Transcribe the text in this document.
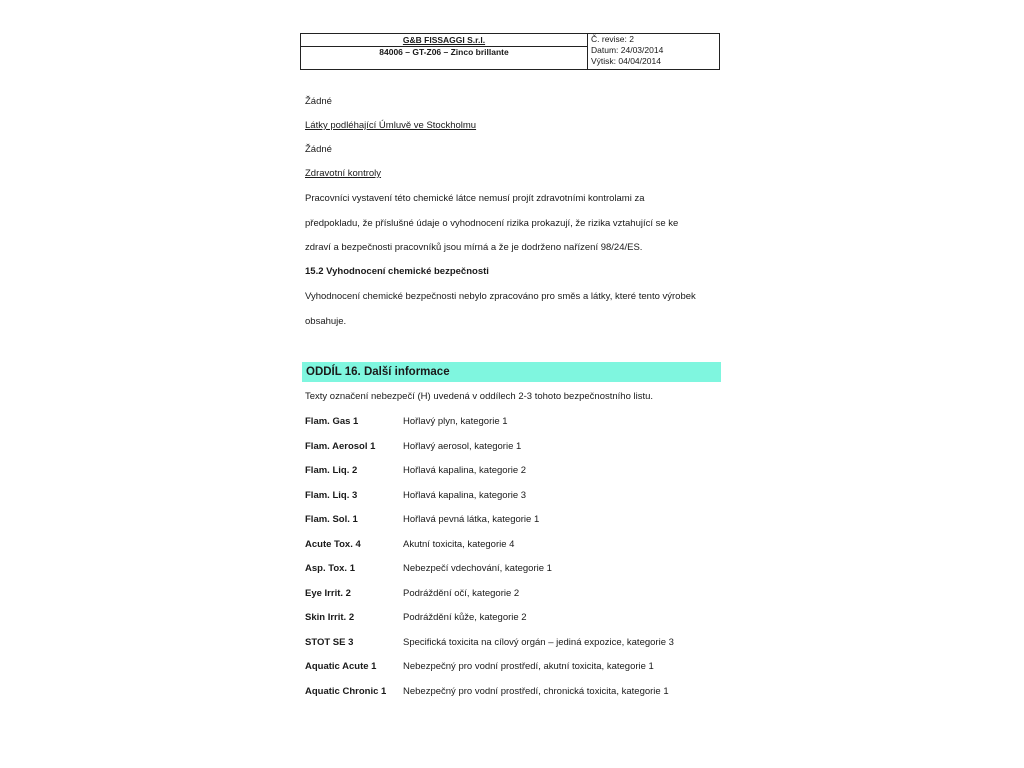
G&B FISSAGGI S.r.l.
84006 – GT-Z06 – Zinco brillante
Č. revise: 2
Datum: 24/03/2014
Výtisk: 04/04/2014
Žádné
Látky podléhající Úmluvě ve Stockholmu
Žádné
Zdravotní kontroly
Pracovníci vystavení této chemické látce nemusí projít zdravotními kontrolami za
předpokladu, že příslušné údaje o vyhodnocení rizika prokazují, že rizika vztahující se ke
zdraví a bezpečnosti pracovníků jsou mírná a že je dodrženo nařízení 98/24/ES.
15.2 Vyhodnocení chemické bezpečnosti
Vyhodnocení chemické bezpečnosti nebylo zpracováno pro směs a látky, které tento výrobek
obsahuje.
ODDÍL 16. Další informace
Texty označení nebezpečí (H) uvedená v oddílech 2-3 tohoto bezpečnostního listu.
Flam. Gas 1	Hořlavý plyn, kategorie 1
Flam. Aerosol 1	Hořlavý aerosol, kategorie 1
Flam. Liq. 2	Hořlavá kapalina, kategorie 2
Flam. Liq. 3	Hořlavá kapalina, kategorie 3
Flam. Sol. 1	Hořlavá pevná látka, kategorie 1
Acute Tox. 4	Akutní toxicita, kategorie 4
Asp. Tox. 1	Nebezpečí vdechování, kategorie 1
Eye Irrit. 2	Podráždění očí, kategorie 2
Skin Irrit. 2	Podráždění kůže, kategorie 2
STOT SE 3	Specifická toxicita na cílový orgán – jediná expozice, kategorie 3
Aquatic Acute 1	Nebezpečný pro vodní prostředí, akutní toxicita, kategorie 1
Aquatic Chronic 1 Nebezpečný pro vodní prostředí, chronická toxicita, kategorie 1
